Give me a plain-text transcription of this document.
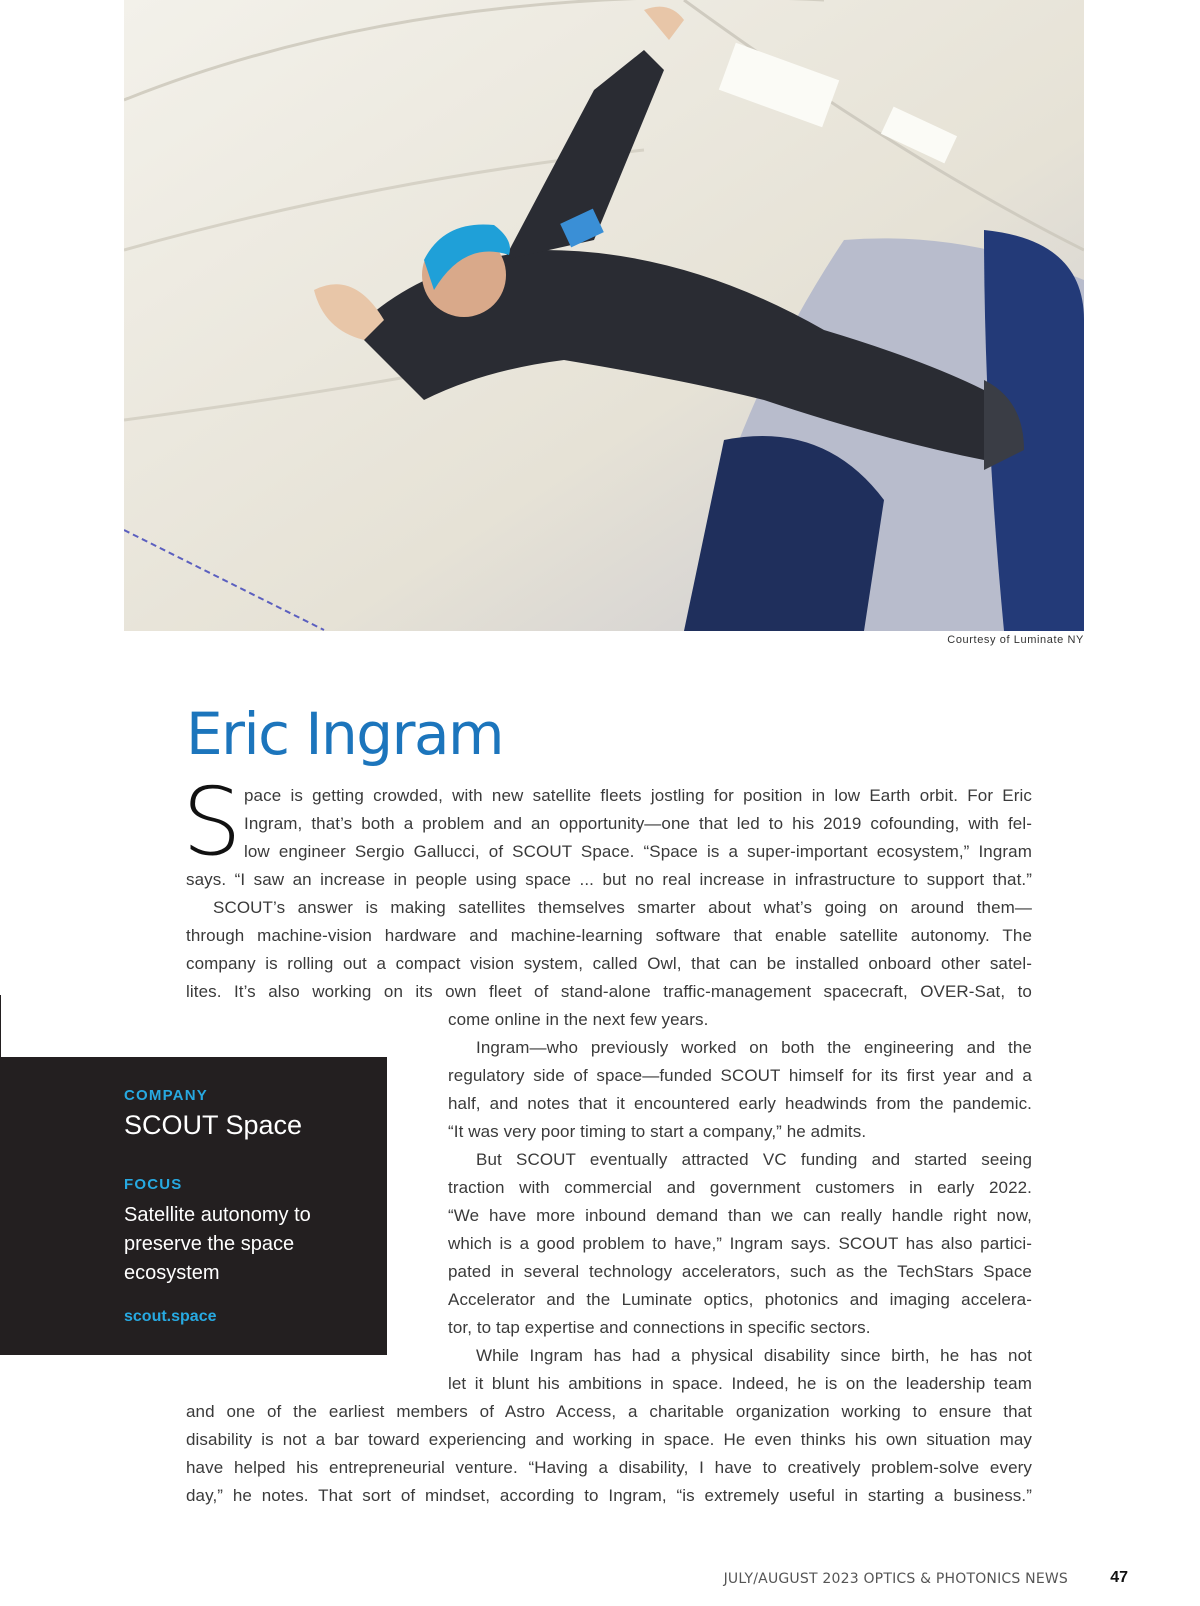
Courtesy of Luminate NY
Eric Ingram
S pace is getting crowded, with new satellite fleets jostling for position in low Earth orbit. For Eric
Ingram, that’s both a problem and an opportunity—one that led to his 2019 cofounding, with fel-
low engineer Sergio Gallucci, of SCOUT Space. “Space is a super-important ecosystem,” Ingram
says. “I saw an increase in people using space ... but no real increase in infrastructure to support that.”
SCOUT’s answer is making satellites themselves smarter about what’s going on around them—
through machine-vision hardware and machine-learning software that enable satellite autonomy. The
company is rolling out a compact vision system, called Owl, that can be installed onboard other satel-
lites. It’s also working on its own fleet of stand-alone traffic-management spacecraft, OVER-Sat, to
come online in the next few years.
Ingram—who previously worked on both the engineering and the
regulatory side of space—funded SCOUT himself for its first year and a
half, and notes that it encountered early headwinds from the pandemic.
“It was very poor timing to start a company,” he admits.
But SCOUT eventually attracted VC funding and started seeing
traction with commercial and government customers in early 2022.
“We have more inbound demand than we can really handle right now,
which is a good problem to have,” Ingram says. SCOUT has also partici-
pated in several technology accelerators, such as the TechStars Space
Accelerator and the Luminate optics, photonics and imaging accelera-
tor, to tap expertise and connections in specific sectors.
While Ingram has had a physical disability since birth, he has not
let it blunt his ambitions in space. Indeed, he is on the leadership team
and one of the earliest members of Astro Access, a charitable organization working to ensure that
disability is not a bar toward experiencing and working in space. He even thinks his own situation may
have helped his entrepreneurial venture. “Having a disability, I have to creatively problem-solve every
day,” he notes. That sort of mindset, according to Ingram, “is extremely useful in starting a business.”
COMPANY
SCOUT Space
FOCUS
Satellite autonomy to preserve the space ecosystem
scout.space
JULY/AUGUST 2023 OPTICS & PHOTONICS NEWS	47
